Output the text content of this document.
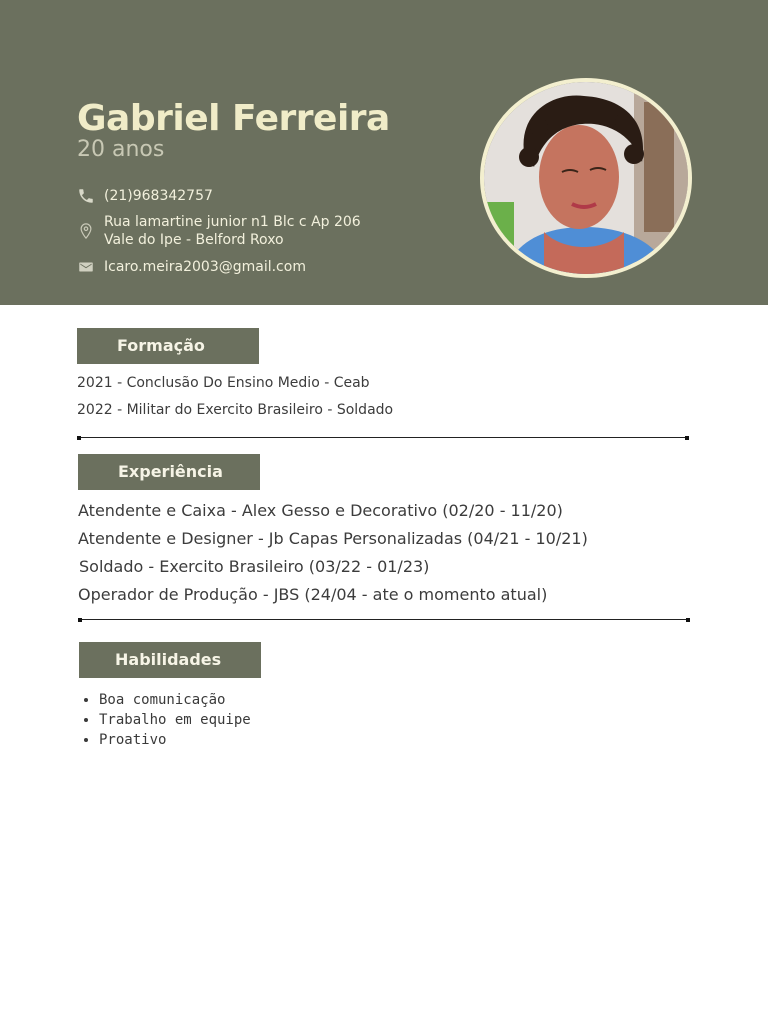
Gabriel Ferreira
20 anos
(21)968342757
Rua lamartine junior n1 Blc c Ap 206
Vale do Ipe - Belford Roxo
Icaro.meira2003@gmail.com
Formação
2021 - Conclusão Do Ensino Medio - Ceab
2022 - Militar do Exercito Brasileiro - Soldado
Experiência
Atendente e Caixa - Alex Gesso e Decorativo (02/20 - 11/20)
Atendente e Designer - Jb Capas Personalizadas (04/21 - 10/21)
Soldado - Exercito Brasileiro (03/22 - 01/23)
Operador de Produção - JBS (24/04 - ate o momento atual)
Habilidades
• Boa comunicação
• Trabalho em equipe
• Proativo
